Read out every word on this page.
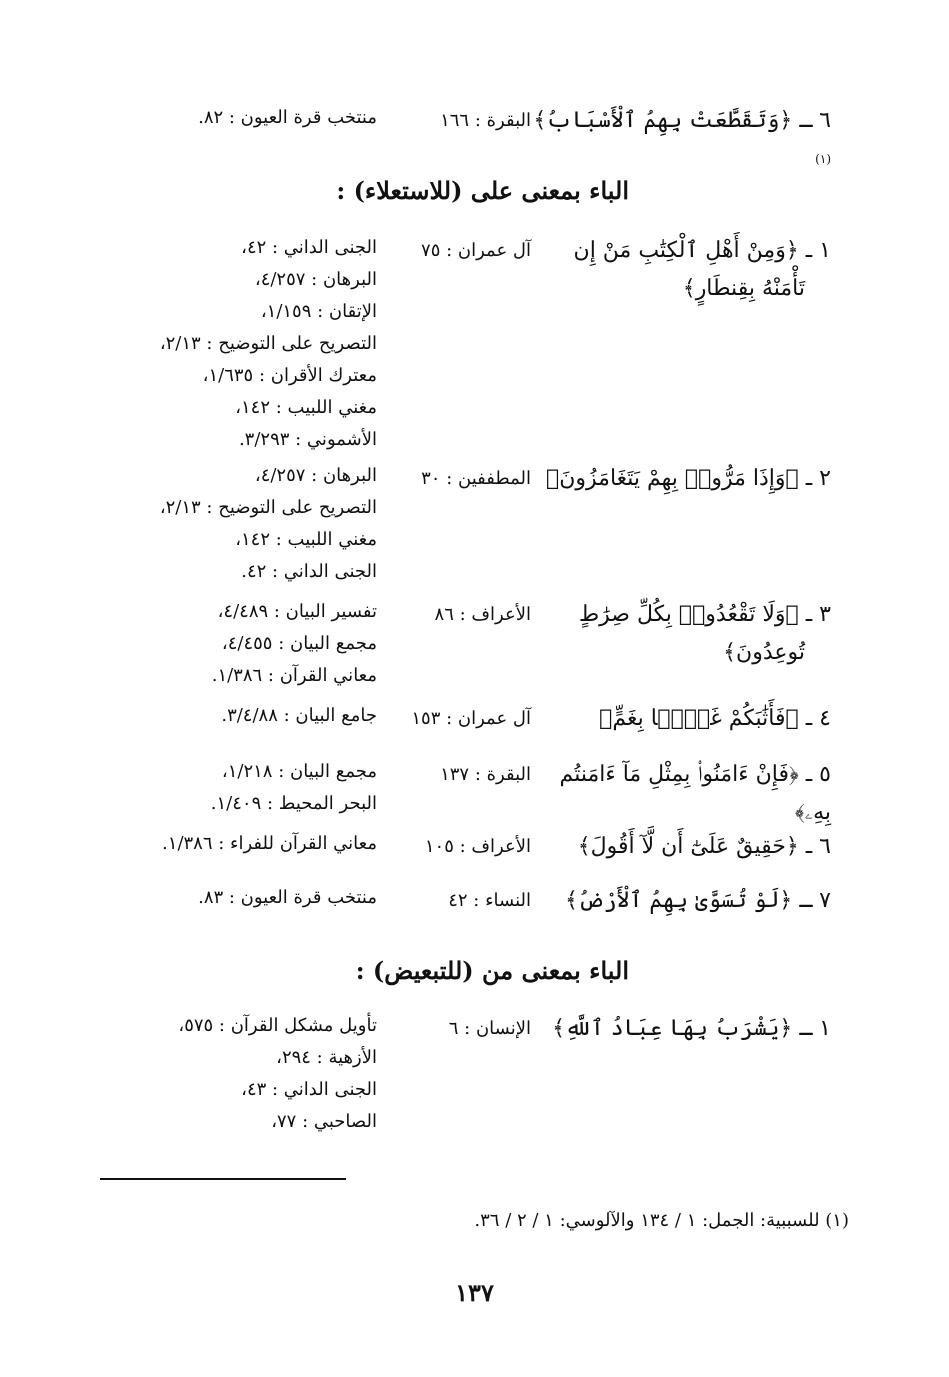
٦ ـ ﴿وَتَقَطَّعَتْ بِهِمُ ٱلْأَسْبَابُ﴾$^{(١)}$
البقرة : ١٦٦
منتخب قرة العيون : ٨٢.
الباء بمعنى على (للاستعلاء) :
١ ـ ﴿وَمِنْ أَهْلِ ٱلْكِتَٰبِ مَنْ إِن
تَأْمَنْهُ بِقِنطَارٍ﴾
آل عمران : ٧٥
الجنى الداني : ٤٢،
البرهان : ٤/٢٥٧،
الإتقان : ١/١٥٩،
التصريح على التوضيح : ٢/١٣،
معترك الأقران : ١/٦٣٥،
مغني اللبيب : ١٤٢،
الأشموني : ٣/٢٩٣.
٢ ـ ﴿وَإِذَا مَرُّوا۟ بِهِمْ يَتَغَامَزُونَ﴾
المطففين : ٣٠
البرهان : ٤/٢٥٧،
التصريح على التوضيح : ٢/١٣،
مغني اللبيب : ١٤٢،
الجنى الداني : ٤٢.
٣ ـ ﴿وَلَا تَقْعُدُوا۟ بِكُلِّ صِرَٰطٍ
تُوعِدُونَ﴾
الأعراف : ٨٦
تفسير البيان : ٤/٤٨٩،
مجمع البيان : ٤/٤٥٥،
معاني القرآن : ١/٣٨٦.
٤ ـ ﴿فَأَثَٰبَكُمْ غَمًّۢا بِغَمٍّ﴾
آل عمران : ١٥٣
جامع البيان : ٣/٤/٨٨.
٥ ـ ﴿فَإِنْ ءَامَنُوا۟ بِمِثْلِ مَآ ءَامَنتُم بِهِۦ﴾
البقرة : ١٣٧
مجمع البيان : ١/٢١٨،
البحر المحيط : ١/٤٠٩.
٦ ـ ﴿حَقِيقٌ عَلَىٰٓ أَن لَّآ أَقُولَ﴾
الأعراف : ١٠٥
معاني القرآن للفراء : ١/٣٨٦.
٧ ـ ﴿لَوْ تُسَوَّىٰ بِهِمُ ٱلْأَرْضُ﴾
النساء : ٤٢
منتخب قرة العيون : ٨٣.
الباء بمعنى من (للتبعيض) :
١ ـ ﴿يَشْرَبُ بِهَا عِبَادُ ٱللَّهِ﴾
الإنسان : ٦
تأويل مشكل القرآن : ٥٧٥،
الأزهية : ٢٩٤،
الجنى الداني : ٤٣،
الصاحبي : ٧٧،
(١) للسببية: الجمل: ١ / ١٣٤ والآلوسي: ١ / ٢ / ٣٦.
١٣٧
